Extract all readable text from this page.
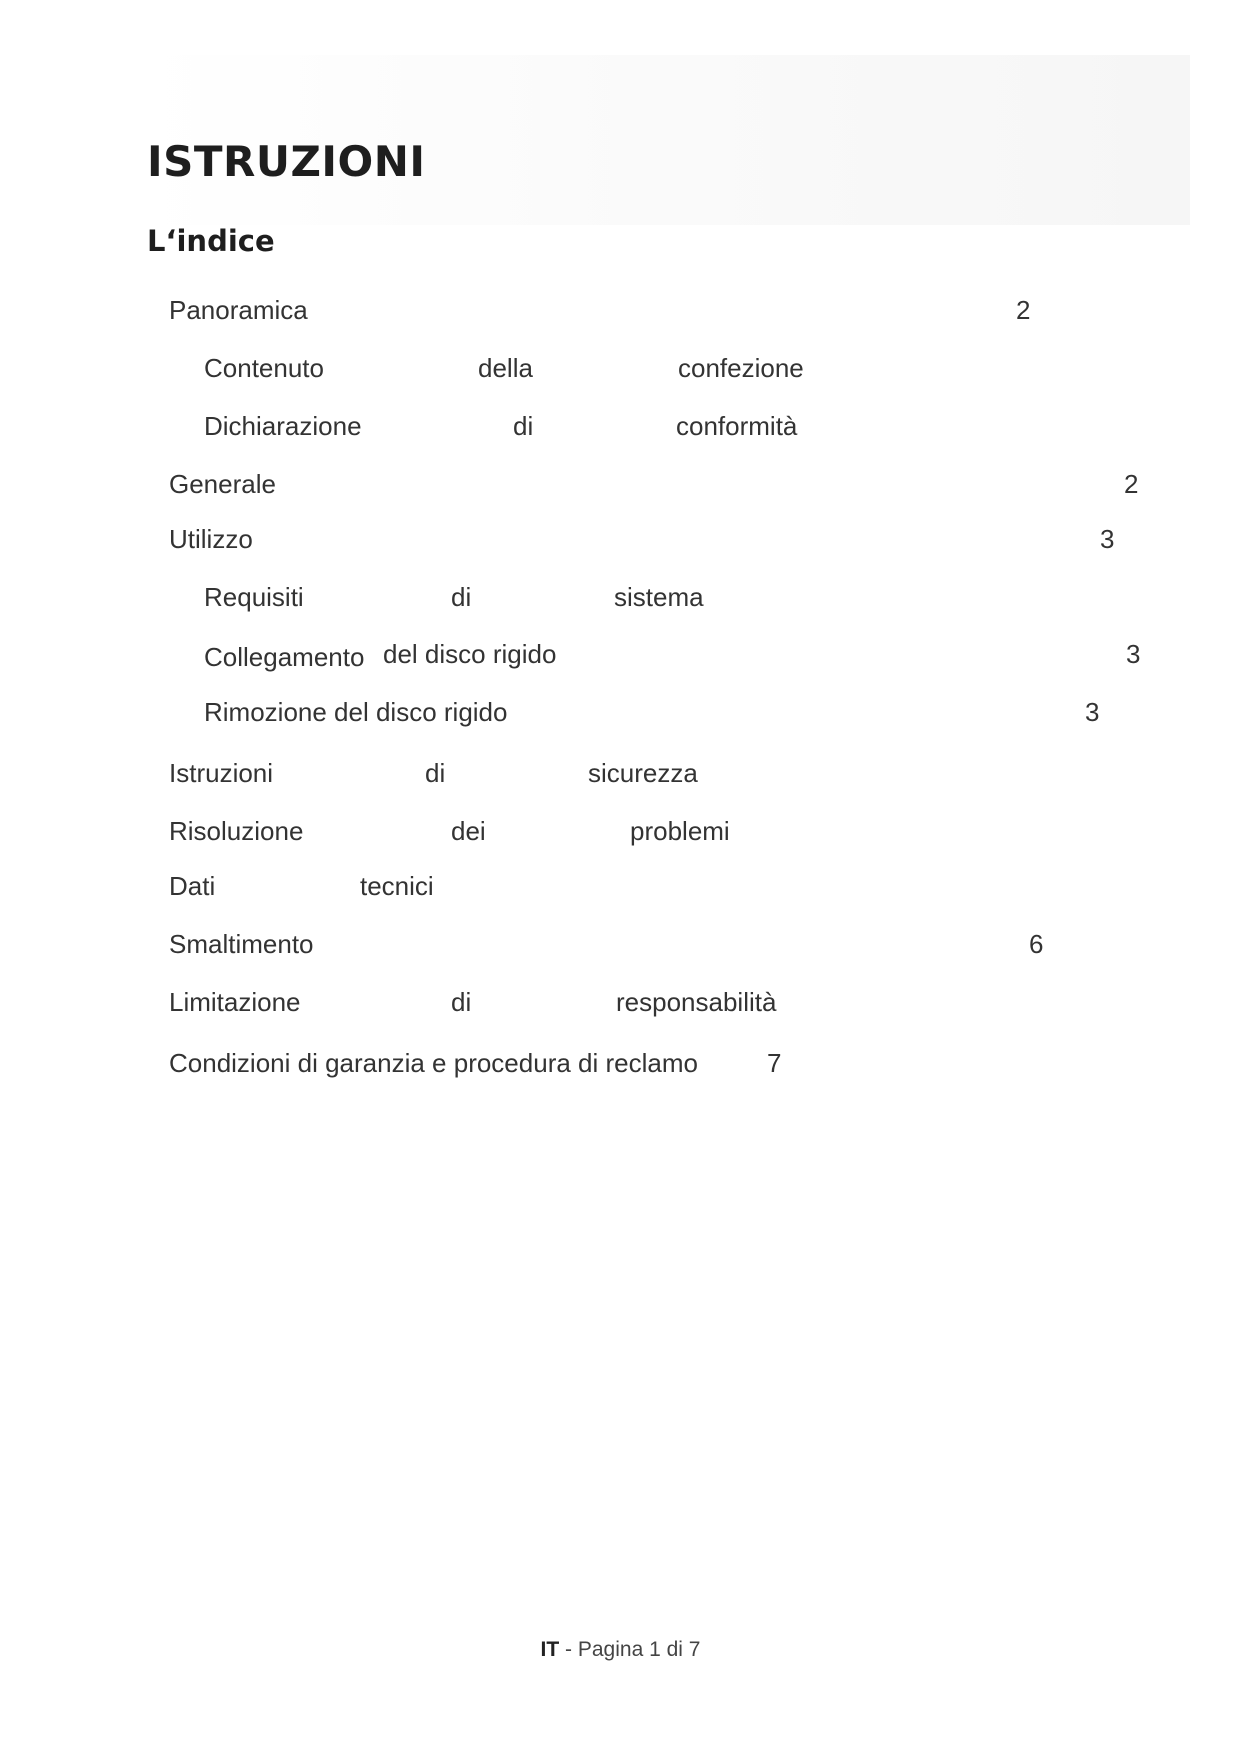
ISTRUZIONI
L‘indice
Panoramica	2
Contenuto	della	confezione
Dichiarazione	di	conformità
Generale	2
Utilizzo	3
Requisiti	di	sistema
Collegamento del disco rigido	3
Rimozione del disco rigido	3
Istruzioni	di	sicurezza
Risoluzione	dei	problemi
Dati	tecnici
Smaltimento	6
Limitazione	di	responsabilità
Condizioni di garanzia e procedura di reclamo	7
IT - Pagina 1 di 7
